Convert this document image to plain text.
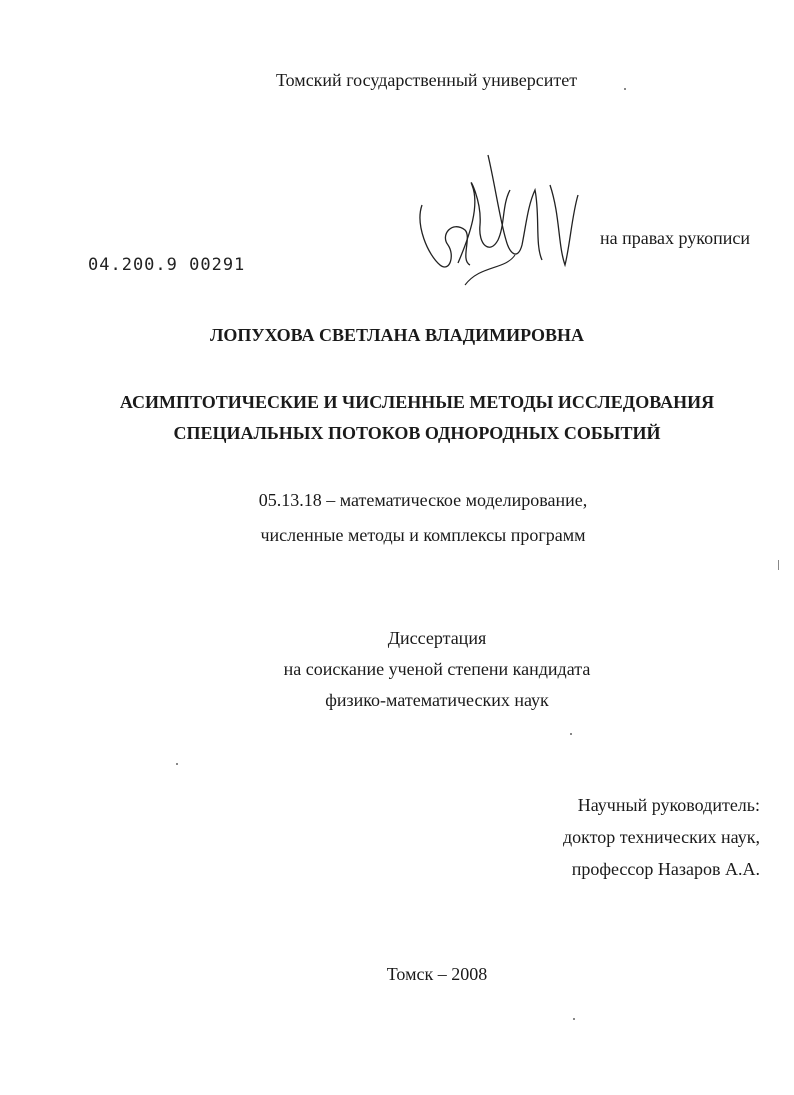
Томский государственный университет
на правах рукописи
04.200.9 00291
ЛОПУХОВА СВЕТЛАНА ВЛАДИМИРОВНА
АСИМПТОТИЧЕСКИЕ И ЧИСЛЕННЫЕ МЕТОДЫ ИССЛЕДОВАНИЯ
СПЕЦИАЛЬНЫХ ПОТОКОВ ОДНОРОДНЫХ СОБЫТИЙ
05.13.18 – математическое моделирование,
численные методы и комплексы программ
Диссертация
на соискание ученой степени кандидата
физико-математических наук
Научный руководитель:
доктор технических наук,
профессор Назаров А.А.
Томск – 2008
